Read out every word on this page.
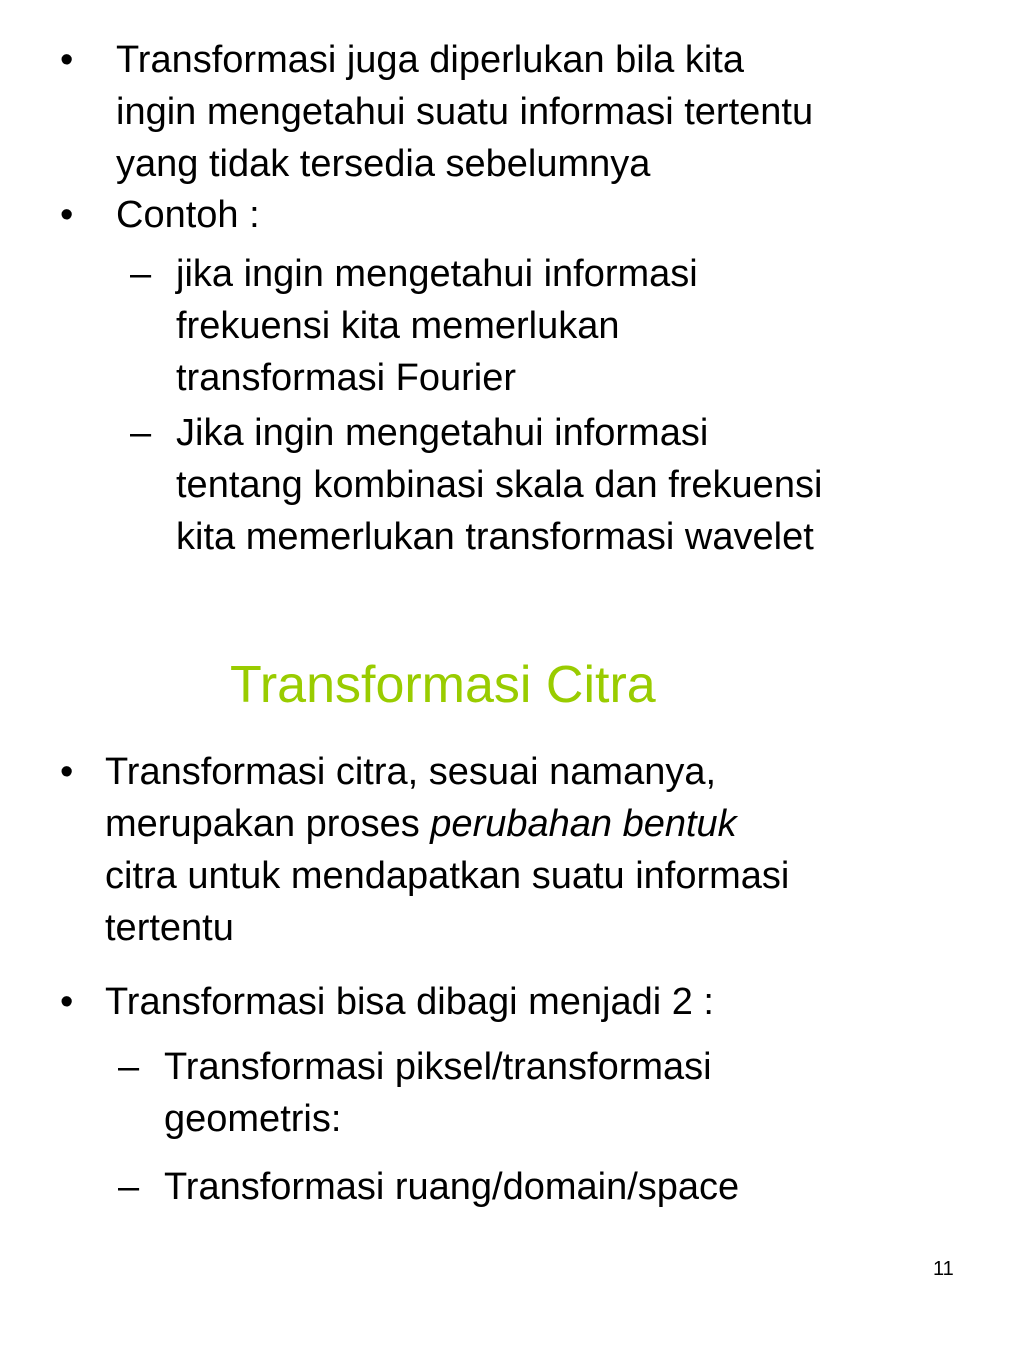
• Transformasi juga diperlukan bila kita
ingin mengetahui suatu informasi tertentu
yang tidak tersedia sebelumnya
• Contoh :
– jika ingin mengetahui informasi
frekuensi kita memerlukan
transformasi Fourier
– Jika ingin mengetahui informasi
tentang kombinasi skala dan frekuensi
kita memerlukan transformasi wavelet
Transformasi Citra
• Transformasi citra, sesuai namanya,
merupakan proses perubahan bentuk
citra untuk mendapatkan suatu informasi
tertentu
• Transformasi bisa dibagi menjadi 2 :
– Transformasi piksel/transformasi
geometris:
– Transformasi ruang/domain/space
11
